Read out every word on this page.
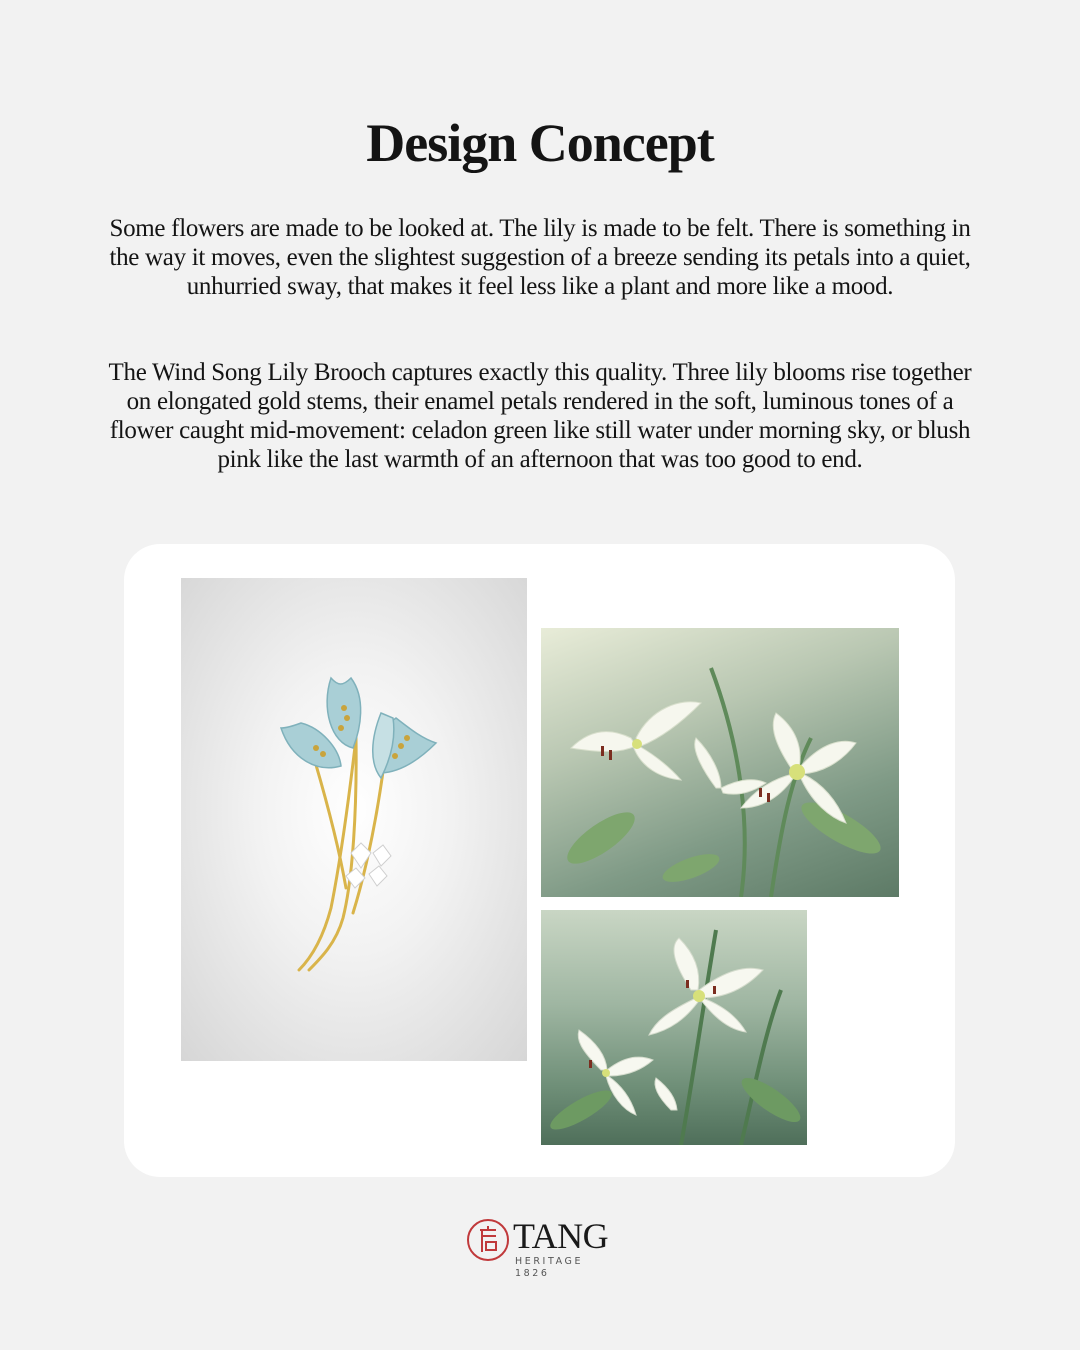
Design Concept

Some flowers are made to be looked at. The lily is made to be felt. There is something in the way it moves, even the slightest suggestion of a breeze sending its petals into a quiet, unhurried sway, that makes it feel less like a plant and more like a mood.

The Wind Song Lily Brooch captures exactly this quality. Three lily blooms rise together on elongated gold stems, their enamel petals rendered in the soft, luminous tones of a flower caught mid-movement: celadon green like still water under morning sky, or blush pink like the last warmth of an afternoon that was too good to end.

TANG
HERITAGE 1826
